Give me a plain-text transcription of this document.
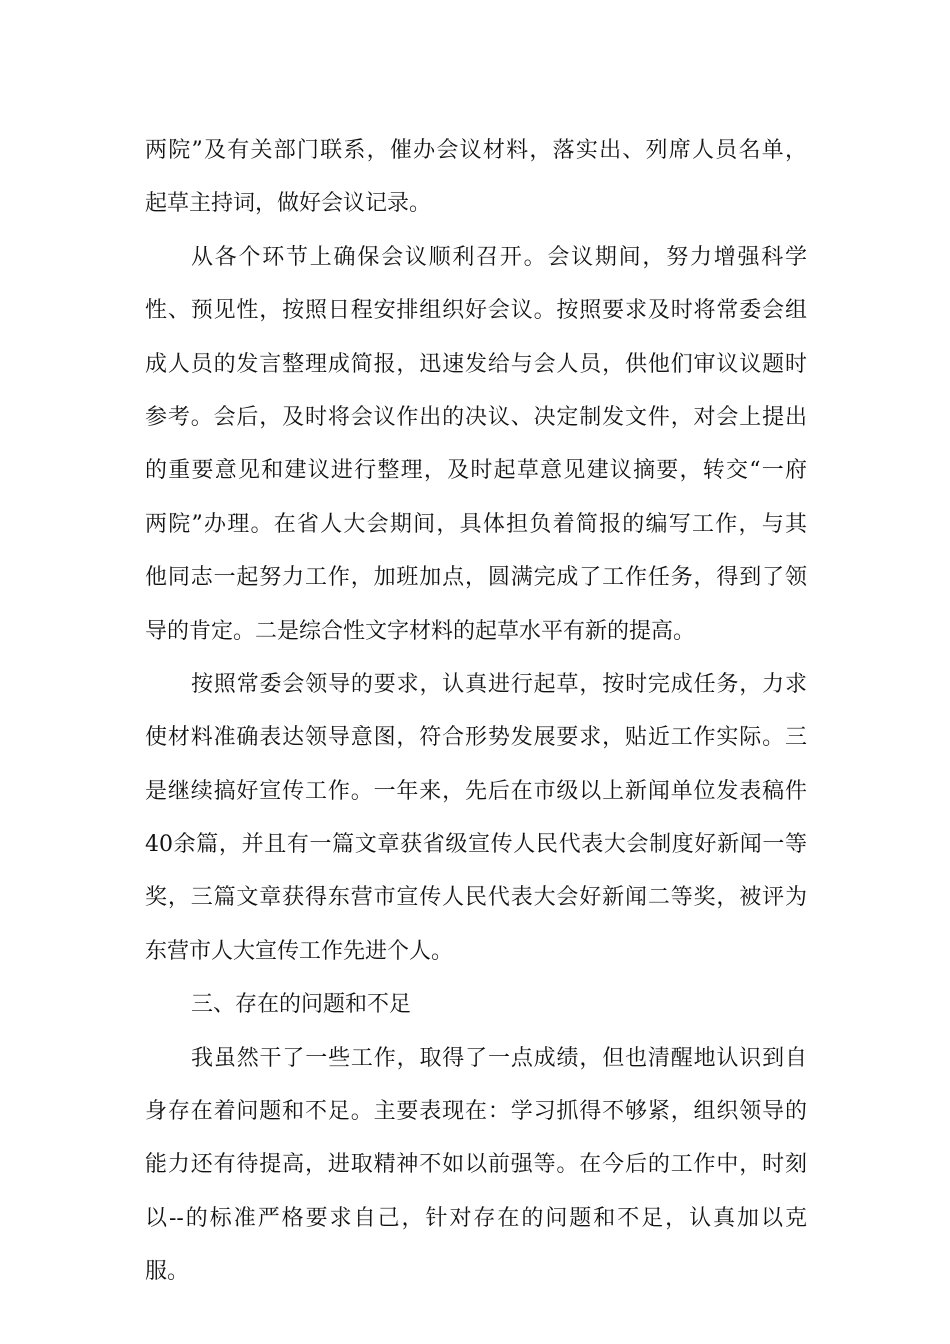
两院”及有关部门联系，催办会议材料，落实出、列席人员名单，
起草主持词，做好会议记录。
从各个环节上确保会议顺利召开。会议期间，努力增强科学
性、预见性，按照日程安排组织好会议。按照要求及时将常委会组
成人员的发言整理成简报，迅速发给与会人员，供他们审议议题时
参考。会后，及时将会议作出的决议、决定制发文件，对会上提出
的重要意见和建议进行整理，及时起草意见建议摘要，转交“一府
两院”办理。在省人大会期间，具体担负着简报的编写工作，与其
他同志一起努力工作，加班加点，圆满完成了工作任务，得到了领
导的肯定。二是综合性文字材料的起草水平有新的提高。
按照常委会领导的要求，认真进行起草，按时完成任务，力求
使材料准确表达领导意图，符合形势发展要求，贴近工作实际。三
是继续搞好宣传工作。一年来，先后在市级以上新闻单位发表稿件
40余篇，并且有一篇文章获省级宣传人民代表大会制度好新闻一等
奖，三篇文章获得东营市宣传人民代表大会好新闻二等奖，被评为
东营市人大宣传工作先进个人。
三、存在的问题和不足
我虽然干了一些工作，取得了一点成绩，但也清醒地认识到自
身存在着问题和不足。主要表现在：学习抓得不够紧，组织领导的
能力还有待提高，进取精神不如以前强等。在今后的工作中，时刻
以--的标准严格要求自己，针对存在的问题和不足，认真加以克
服。
